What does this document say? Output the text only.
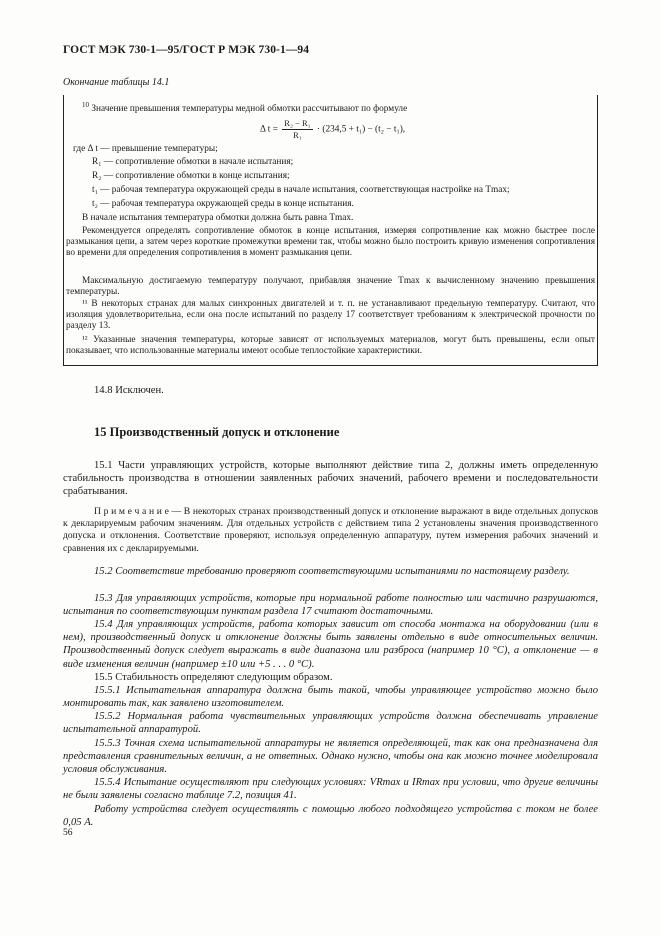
ГОСТ МЭК 730-1—95/ГОСТ Р МЭК 730-1—94
Окончание таблицы 14.1
$^{10}$ Значение превышения температуры медной обмотки рассчитывают по формуле
Δ $t = \frac{\text{R₂ − R₁}}{\text{R₁}} \cdot (234,5 + t_1) - (t_2 - t_1)$,
где Δ t — превышение температуры;
R₁ — сопротивление обмотки в начале испытания;
R₂ — сопротивление обмотки в конце испытания;
t₁ — рабочая температура окружающей среды в начале испытания, соответствующая настройке на Tmax;
t₂ — рабочая температура окружающей среды в конце испытания.
В начале испытания температура обмотки должна быть равна Tmax.
Рекомендуется определять сопротивление обмоток в конце испытания, измеряя сопротивление как можно быстрее после размыкания цепи, а затем через короткие промежутки времени так, чтобы можно было построить кривую изменения сопротивления во времени для определения сопротивления в момент размыкания цепи.
Максимальную достигаемую температуру получают, прибавляя значение Tmax к вычисленному значению превышения температуры.
¹¹ В некоторых странах для малых синхронных двигателей и т. п. не устанавливают предельную температуру. Считают, что изоляция удовлетворительна, если она после испытаний по разделу 17 соответствует требованиям к электрической прочности по разделу 13.
¹² Указанные значения температуры, которые зависят от используемых материалов, могут быть превышены, если опыт показывает, что использованные материалы имеют особые теплостойкие характеристики.
14.8 Исключен.
15 Производственный допуск и отклонение
15.1 Части управляющих устройств, которые выполняют действие типа 2, должны иметь определенную стабильность производства в отношении заявленных рабочих значений, рабочего времени и последовательности срабатывания.
П р и м е ч а н и е — В некоторых странах производственный допуск и отклонение выражают в виде отдельных допусков к декларируемым рабочим значениям. Для отдельных устройств с действием типа 2 установлены значения производственного допуска и отклонения. Соответствие проверяют, используя определенную аппаратуру, путем измерения рабочих значений и сравнения их с декларируемыми.
15.2 Соответствие требованию проверяют соответствующими испытаниями по настоящему разделу.
15.3 Для управляющих устройств, которые при нормальной работе полностью или частично разрушаются, испытания по соответствующим пунктам раздела 17 считают достаточными.
15.4 Для управляющих устройств, работа которых зависит от способа монтажа на оборудовании (или в нем), производственный допуск и отклонение должны быть заявлены отдельно в виде относительных величин. Производственный допуск следует выражать в виде диапазона или разброса (например 10 °С), а отклонение — в виде изменения величин (например ±10 или +5 . . . 0 °С).
15.5 Стабильность определяют следующим образом.
15.5.1 Испытательная аппаратура должна быть такой, чтобы управляющее устройство можно было монтировать так, как заявлено изготовителем.
15.5.2 Нормальная работа чувствительных управляющих устройств должна обеспечивать управление испытательной аппаратурой.
15.5.3 Точная схема испытательной аппаратуры не является определяющей, так как она предназначена для представления сравнительных величин, а не ответных. Однако нужно, чтобы она как можно точнее моделировала условия обслуживания.
15.5.4 Испытание осуществляют при следующих условиях: VRmax и IRmax при условии, что другие величины не были заявлены согласно таблице 7.2, позиция 41.
Работу устройства следует осуществлять с помощью любого подходящего устройства с током не более 0,05 А.
56
